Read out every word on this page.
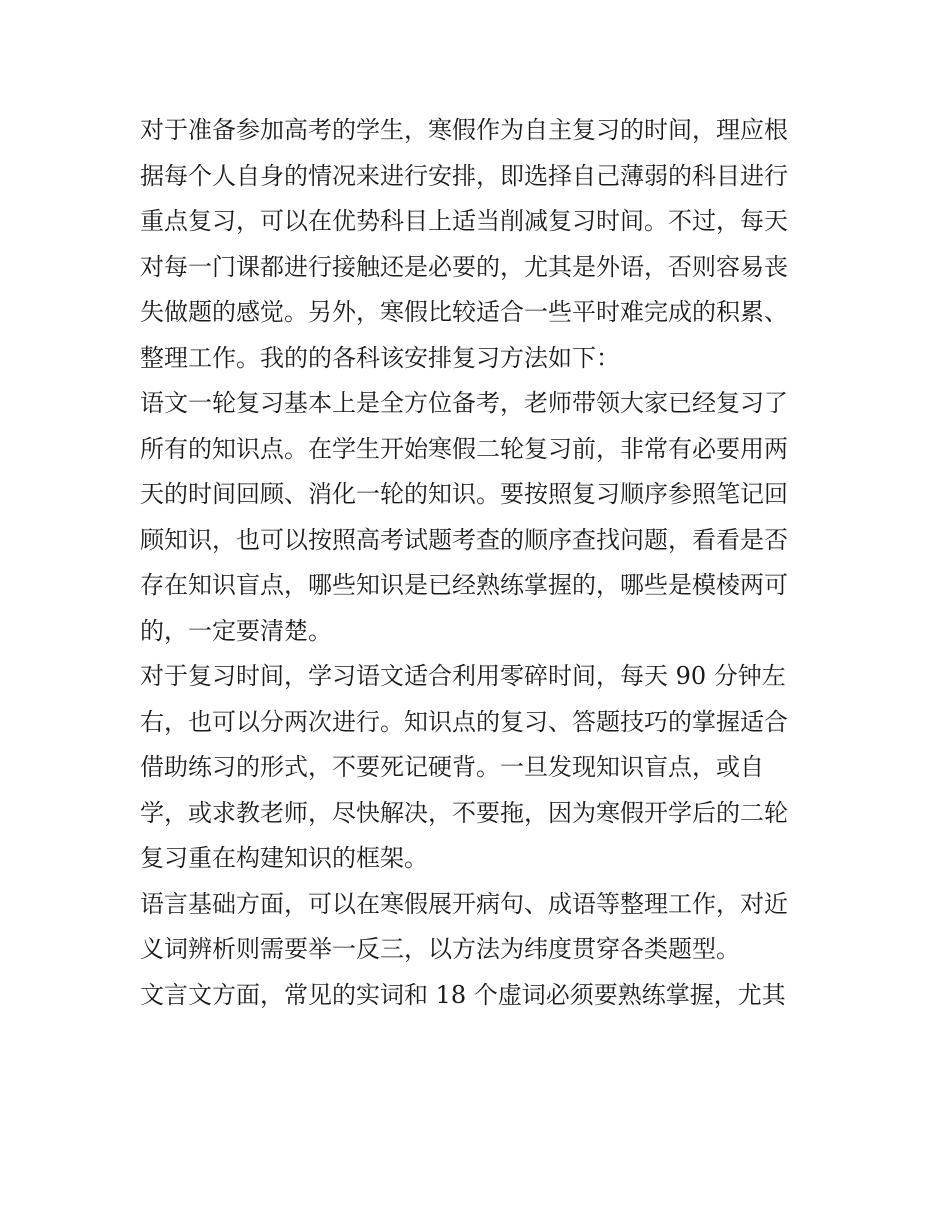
对于准备参加高考的学生，寒假作为自主复习的时间，理应根
据每个人自身的情况来进行安排，即选择自己薄弱的科目进行
重点复习，可以在优势科目上适当削减复习时间。不过，每天
对每一门课都进行接触还是必要的，尤其是外语，否则容易丧
失做题的感觉。另外，寒假比较适合一些平时难完成的积累、
整理工作。我的的各科该安排复习方法如下：
语文一轮复习基本上是全方位备考，老师带领大家已经复习了
所有的知识点。在学生开始寒假二轮复习前，非常有必要用两
天的时间回顾、消化一轮的知识。要按照复习顺序参照笔记回
顾知识，也可以按照高考试题考查的顺序查找问题，看看是否
存在知识盲点，哪些知识是已经熟练掌握的，哪些是模棱两可
的，一定要清楚。
对于复习时间，学习语文适合利用零碎时间，每天 90 分钟左
右，也可以分两次进行。知识点的复习、答题技巧的掌握适合
借助练习的形式，不要死记硬背。一旦发现知识盲点，或自
学，或求教老师，尽快解决，不要拖，因为寒假开学后的二轮
复习重在构建知识的框架。
语言基础方面，可以在寒假展开病句、成语等整理工作，对近
义词辨析则需要举一反三，以方法为纬度贯穿各类题型。
文言文方面，常见的实词和 18 个虚词必须要熟练掌握，尤其
